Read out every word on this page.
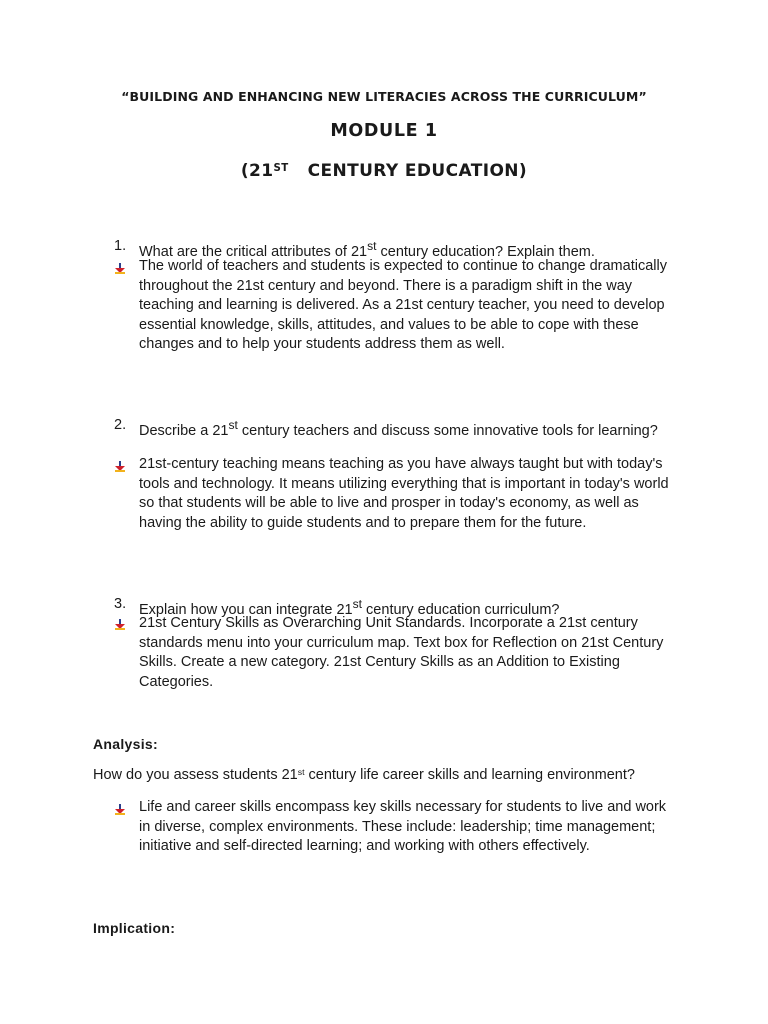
“BUILDING AND ENHANCING NEW LITERACIES ACROSS THE CURRICULUM”
MODULE 1
(21ST CENTURY EDUCATION)
1. What are the critical attributes of 21st century education? Explain them.
The world of teachers and students is expected to continue to change dramatically throughout the 21st century and beyond. There is a paradigm shift in the way teaching and learning is delivered. As a 21st century teacher, you need to develop essential knowledge, skills, attitudes, and values to be able to cope with these changes and to help your students address them as well.
2. Describe a 21st century teachers and discuss some innovative tools for learning?
21st-century teaching means teaching as you have always taught but with today's tools and technology. It means utilizing everything that is important in today's world so that students will be able to live and prosper in today's economy, as well as having the ability to guide students and to prepare them for the future.
3. Explain how you can integrate 21st century education curriculum?
21st Century Skills as Overarching Unit Standards. Incorporate a 21st century standards menu into your curriculum map. Text box for Reflection on 21st Century Skills. Create a new category. 21st Century Skills as an Addition to Existing Categories.
Analysis:
How do you assess students 21st century life career skills and learning environment?
Life and career skills encompass key skills necessary for students to live and work in diverse, complex environments. These include: leadership; time management; initiative and self-directed learning; and working with others effectively.
Implication:
